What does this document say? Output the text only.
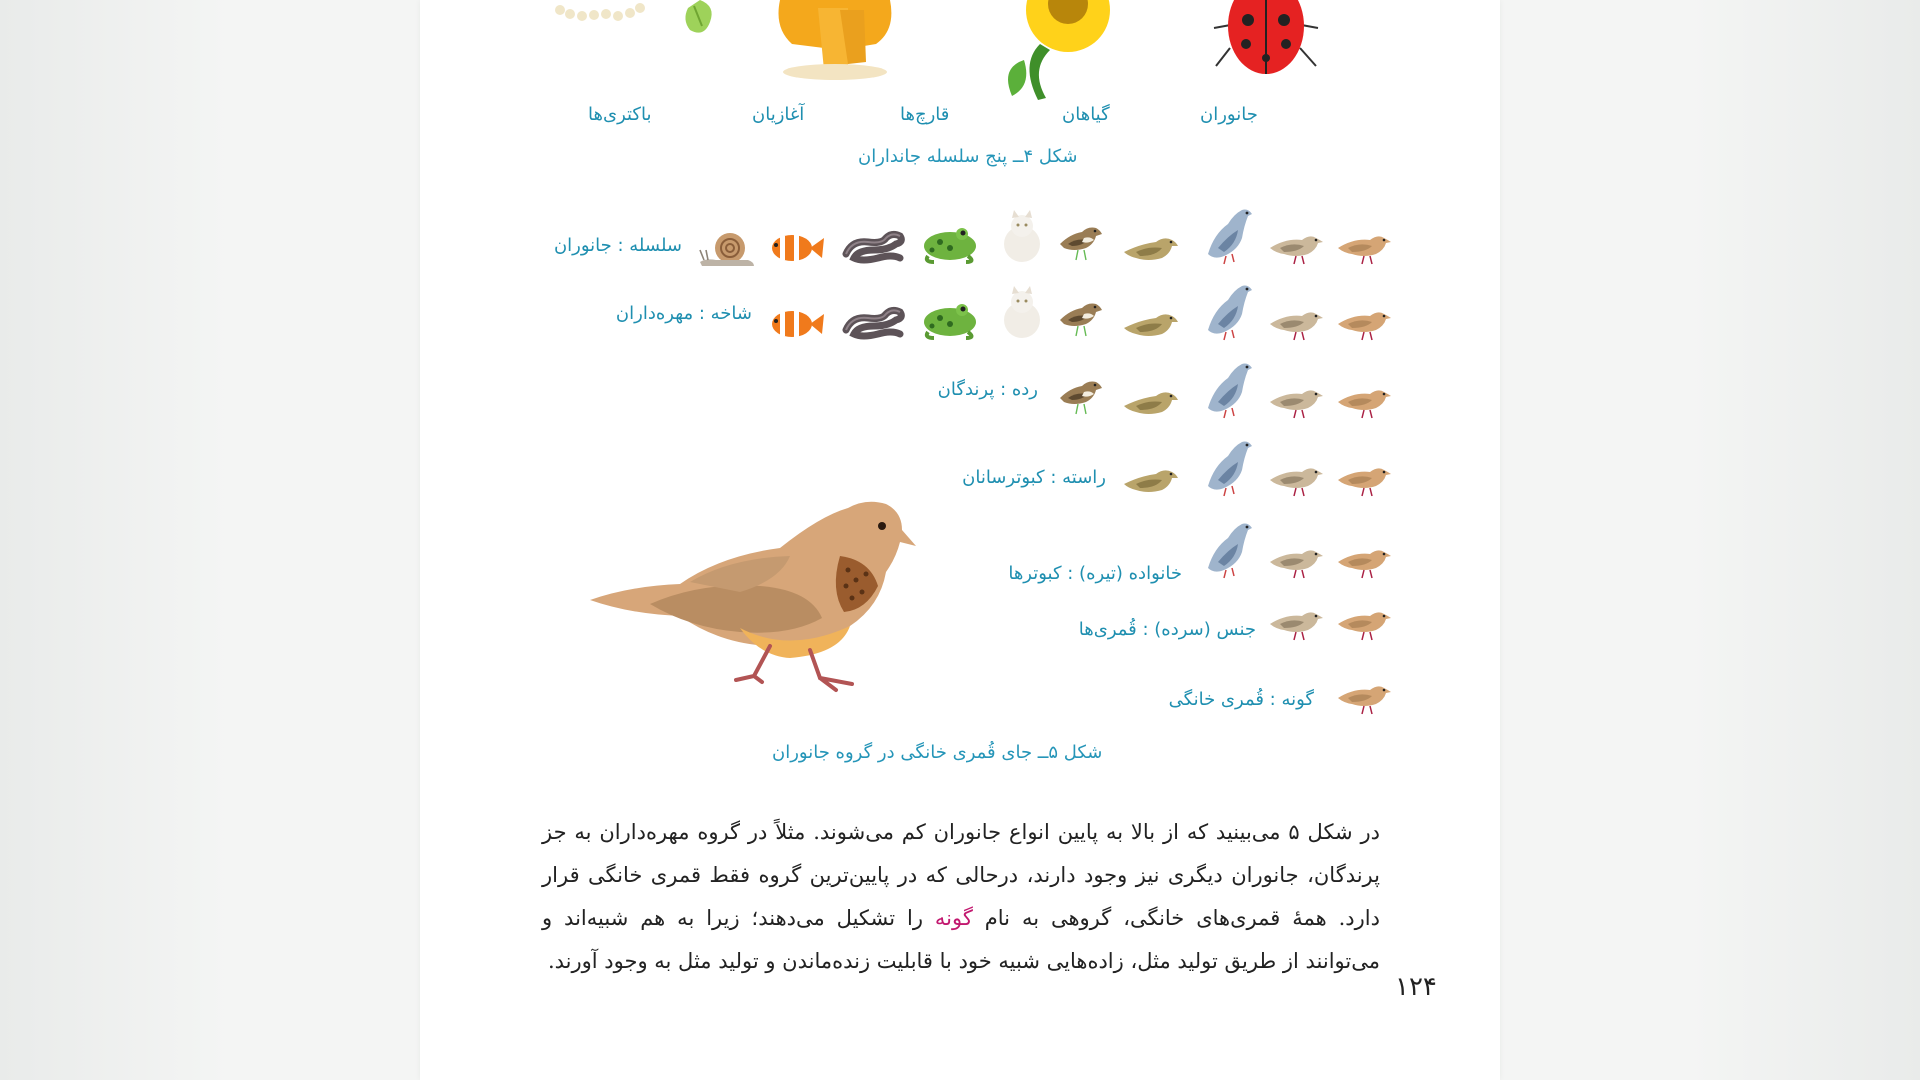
جانوران
گیاهان
قارچ‌ها
آغازیان
باکتری‌ها
شکل ۴ــ پنج سلسله جانداران
سلسله : جانوران
شاخه : مهره‌داران
رده : پرندگان
راسته : کبوترسانان
خانواده (تیره) : کبوترها
جنس (سرده) : قُمری‌ها
گونه : قُمری خانگی
شکل ۵ــ جای قُمری خانگی در گروه جانوران

در شکل ۵ می‌بینید که از بالا به پایین انواع جانوران کم می‌شوند. مثلاً در گروه مهره‌داران به جز پرندگان، جانوران دیگری نیز وجود دارند، درحالی که در پایین‌ترین گروه فقط قمری خانگی قرار دارد. همهٔ قمری‌های خانگی، گروهی به نام گونه را تشکیل می‌دهند؛ زیرا به هم شبیه‌اند و می‌توانند از طریق تولید مثل، زاده‌هایی شبیه خود با قابلیت زنده‌ماندن و تولید مثل به وجود آورند.

۱۲۴
